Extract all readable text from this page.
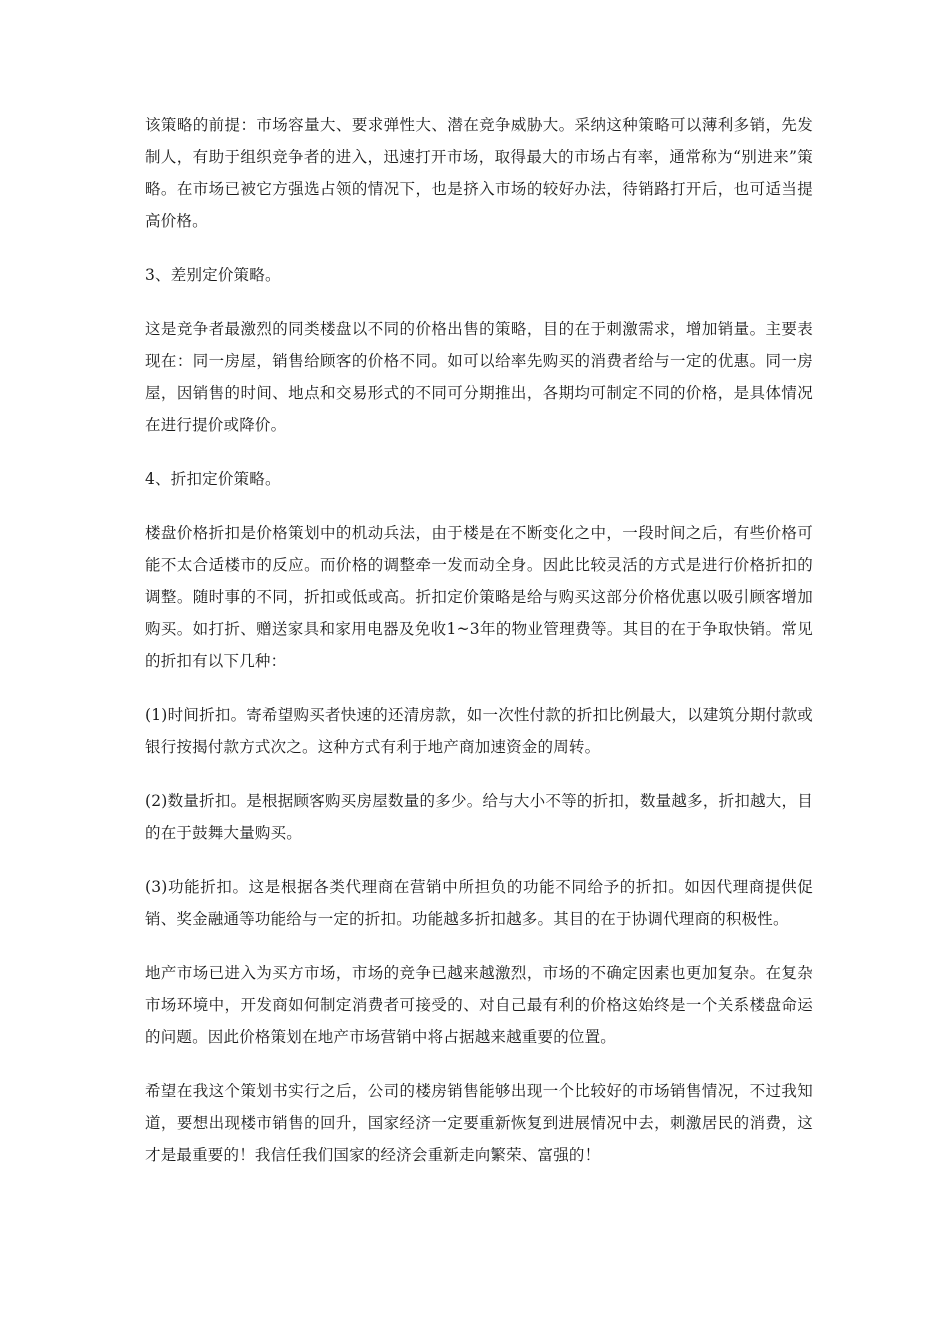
该策略的前提：市场容量大、要求弹性大、潜在竞争威胁大。采纳这种策略可以薄利多销，先发制人，有助于组织竞争者的进入，迅速打开市场，取得最大的市场占有率，通常称为“别进来”策略。在市场已被它方强选占领的情况下，也是挤入市场的较好办法，待销路打开后，也可适当提高价格。

3、差别定价策略。

这是竞争者最激烈的同类楼盘以不同的价格出售的策略，目的在于刺激需求，增加销量。主要表现在：同一房屋，销售给顾客的价格不同。如可以给率先购买的消费者给与一定的优惠。同一房屋，因销售的时间、地点和交易形式的不同可分期推出，各期均可制定不同的价格，是具体情况在进行提价或降价。

4、折扣定价策略。

楼盘价格折扣是价格策划中的机动兵法，由于楼是在不断变化之中，一段时间之后，有些价格可能不太合适楼市的反应。而价格的调整牵一发而动全身。因此比较灵活的方式是进行价格折扣的调整。随时事的不同，折扣或低或高。折扣定价策略是给与购买这部分价格优惠以吸引顾客增加购买。如打折、赠送家具和家用电器及免收1~3年的物业管理费等。其目的在于争取快销。常见的折扣有以下几种：

(1)时间折扣。寄希望购买者快速的还清房款，如一次性付款的折扣比例最大，以建筑分期付款或银行按揭付款方式次之。这种方式有利于地产商加速资金的周转。

(2)数量折扣。是根据顾客购买房屋数量的多少。给与大小不等的折扣，数量越多，折扣越大，目的在于鼓舞大量购买。

(3)功能折扣。这是根据各类代理商在营销中所担负的功能不同给予的折扣。如因代理商提供促销、奖金融通等功能给与一定的折扣。功能越多折扣越多。其目的在于协调代理商的积极性。

地产市场已进入为买方市场，市场的竞争已越来越激烈，市场的不确定因素也更加复杂。在复杂市场环境中，开发商如何制定消费者可接受的、对自己最有利的价格这始终是一个关系楼盘命运的问题。因此价格策划在地产市场营销中将占据越来越重要的位置。

希望在我这个策划书实行之后，公司的楼房销售能够出现一个比较好的市场销售情况，不过我知道，要想出现楼市销售的回升，国家经济一定要重新恢复到进展情况中去，刺激居民的消费，这才是最重要的！我信任我们国家的经济会重新走向繁荣、富强的！
